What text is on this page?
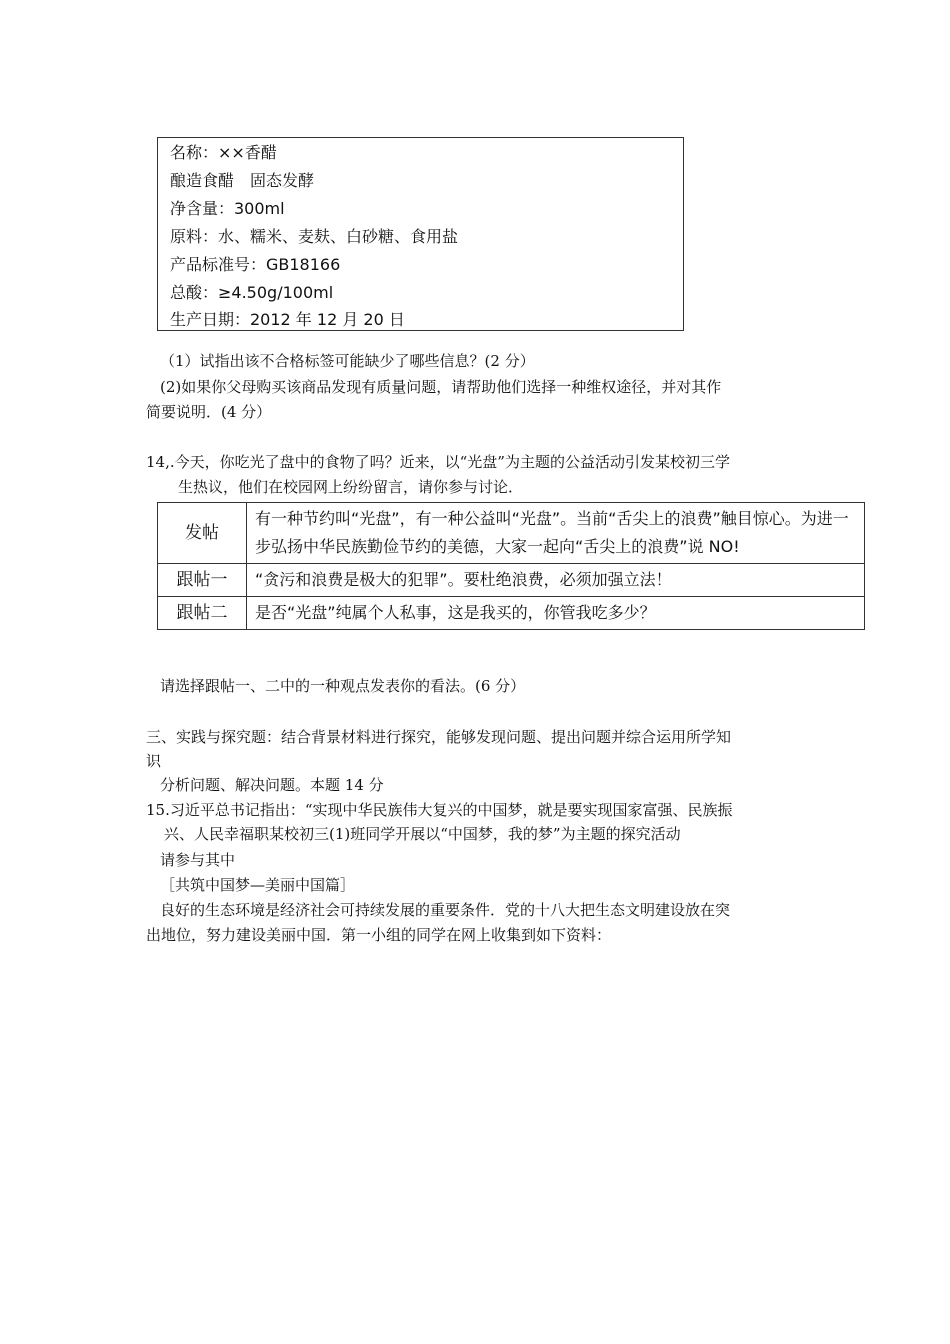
名称：××香醋
酿造食醋　固态发酵
净含量：300ml
原料：水、糯米、麦麸、白砂糖、食用盐
产品标准号：GB18166
总酸：≥4.50g/100ml
生产日期：2012 年 12 月 20 日
（1）试指出该不合格标签可能缺少了哪些信息？(2 分）
(2)如果你父母购买该商品发现有质量问题，请帮助他们选择一种维权途径，并对其作
简要说明．(4 分）
14,.今天，你吃光了盘中的食物了吗？近来，以“光盘”为主题的公益活动引发某校初三学
生热议，他们在校园网上纷纷留言，请你参与讨论．
发帖	有一种节约叫“光盘”，有一种公益叫“光盘”。当前“舌尖上的浪费”触目惊心。为进一步弘扬中华民族勤俭节约的美德，大家一起向“舌尖上的浪费”说 NO!
跟帖一	“贪污和浪费是极大的犯罪”。要杜绝浪费，必须加强立法！
跟帖二	是否“光盘”纯属个人私事，这是我买的，你管我吃多少？
请选择跟帖一、二中的一种观点发表你的看法。(6 分）
三、实践与探究题：结合背景材料进行探究，能够发现问题、提出问题并综合运用所学知
识
分析问题、解决问题。本题 14 分
15.习近平总书记指出：“实现中华民族伟大复兴的中国梦，就是要实现国家富强、民族振
兴、人民幸福职某校初三(1)班同学开展以“中国梦，我的梦”为主题的探究活动
请参与其中
［共筑中国梦—美丽中国篇］
良好的生态环境是经济社会可持续发展的重要条件．党的十八大把生态文明建设放在突
出地位，努力建设美丽中国．第一小组的同学在网上收集到如下资料：
